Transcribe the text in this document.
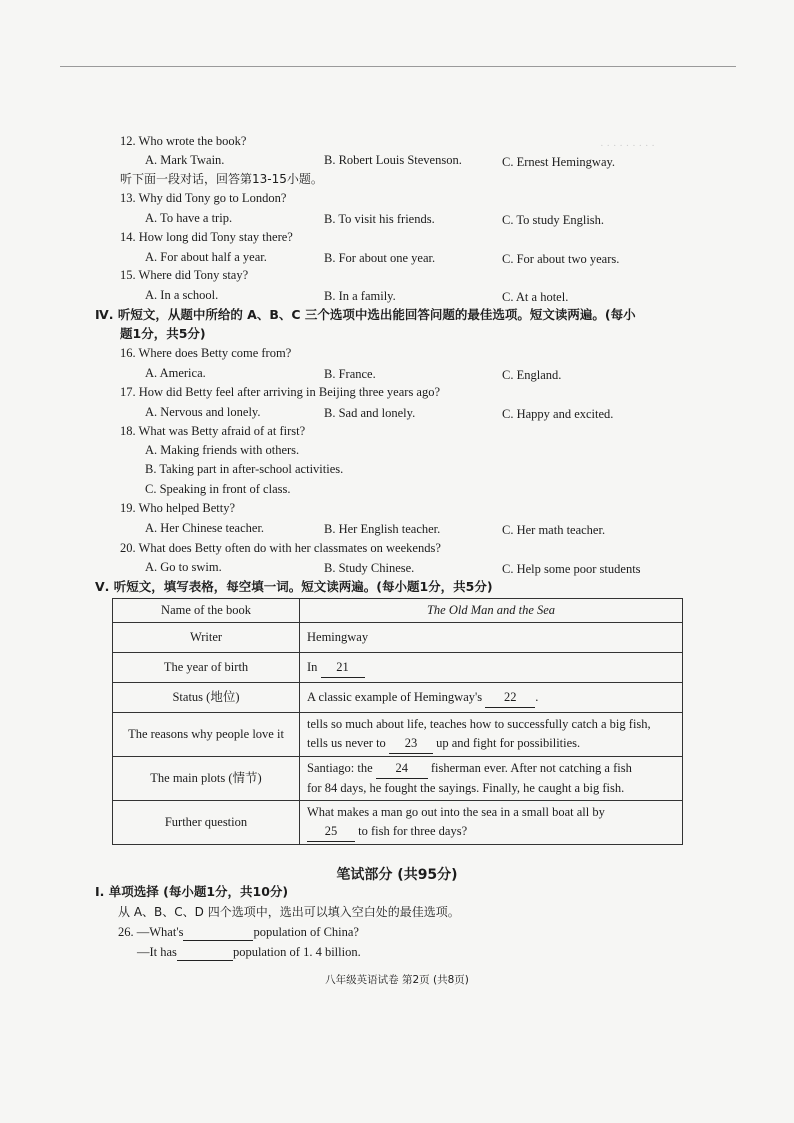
· · · · · · · · ·
12. Who wrote the book?
A. Mark Twain.	B. Robert Louis Stevenson.	C. Ernest Hemingway.
听下面一段对话，回答第13-15小题。
13. Why did Tony go to London?
A. To have a trip.	B. To visit his friends.	C. To study English.
14. How long did Tony stay there?
A. For about half a year.	B. For about one year.	C. For about two years.
15. Where did Tony stay?
A. In a school.	B. In a family.	C. At a hotel.
Ⅳ. 听短文，从题中所给的 A、B、C 三个选项中选出能回答问题的最佳选项。短文读两遍。(每小
题1分，共5分)
16. Where does Betty come from?
A. America.	B. France.	C. England.
17. How did Betty feel after arriving in Beijing three years ago?
A. Nervous and lonely.	B. Sad and lonely.	C. Happy and excited.
18. What was Betty afraid of at first?
A. Making friends with others.
B. Taking part in after-school activities.
C. Speaking in front of class.
19. Who helped Betty?
A. Her Chinese teacher.	B. Her English teacher.	C. Her math teacher.
20. What does Betty often do with her classmates on weekends?
A. Go to swim.	B. Study Chinese.	C. Help some poor students
Ⅴ. 听短文，填写表格，每空填一词。短文读两遍。(每小题1分，共5分)
Name of the book	The Old Man and the Sea
Writer	Hemingway
The year of birth	In 21
Status (地位)	A classic example of Hemingway's 22 .
The reasons why people love it	tells so much about life, teaches how to successfully catch a big fish,
tells us never to 23 up and fight for possibilities.

The main plots (情节)	Santiago: the 24 fisherman ever. After not catching a fish
for 84 days, he fought the sayings. Finally, he caught a big fish.

Further question	What makes a man go out into the sea in a small boat all by
25 to fish for three days?
笔试部分 (共95分)
Ⅰ. 单项选择 (每小题1分，共10分)
从 A、B、C、D 四个选项中，选出可以填入空白处的最佳选项。
26. —What's	population of China?
—It has	population of 1. 4 billion.
八年级英语试卷 第2页 (共8页)
